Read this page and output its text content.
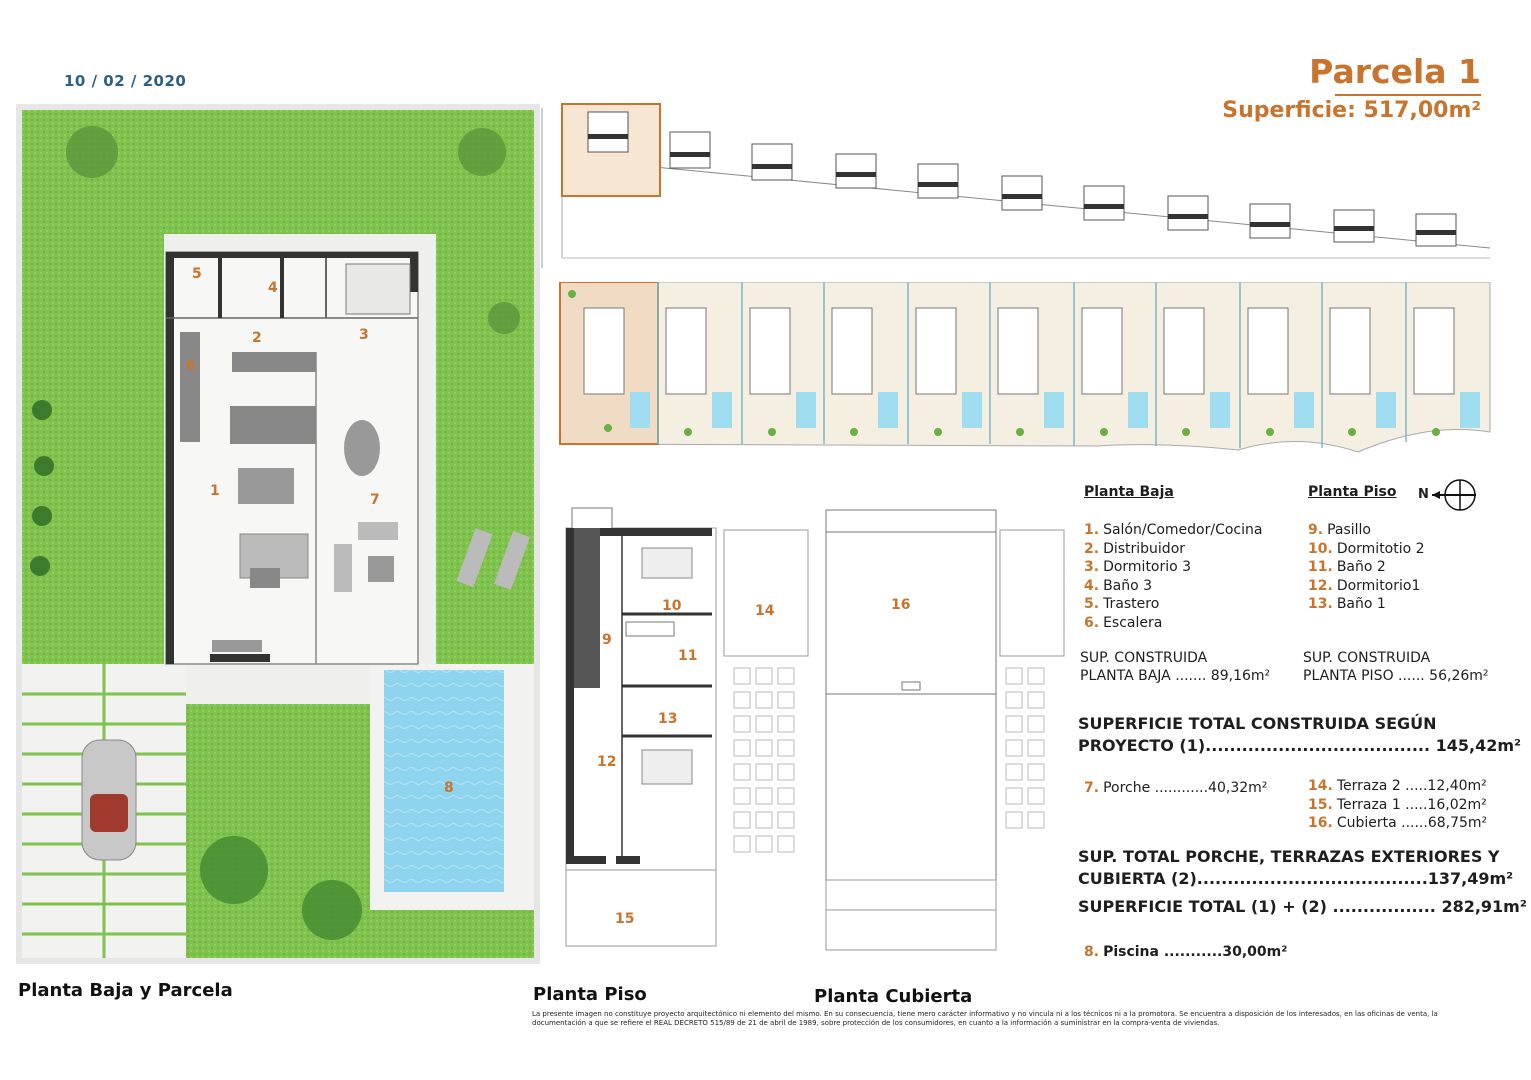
10 / 02 / 2020	Parcela 1
Superficie: 517,00m²
5
4
2	3
6
1
7
8
Planta Baja y Parcela
9
10
11
13
12
15
14	16
Planta Piso	Planta Cubierta
Planta Baja	Planta Piso N
1. Salón/Comedor/Cocina
2. Distribuidor
3. Dormitorio 3
4. Baño 3
5. Trastero
6. Escalera
9. Pasillo
10. Dormitotio 2
11. Baño 2
12. Dormitorio1
13. Baño 1
SUP. CONSTRUIDA
PLANTA BAJA ....... 89,16m²
SUP. CONSTRUIDA
PLANTA PISO ...... 56,26m²
SUPERFICIE TOTAL CONSTRUIDA SEGÚN
PROYECTO (1)..................................... 145,42m²
7. Porche ............40,32m²	14. Terraza 2 .....12,40m²
15. Terraza 1 .....16,02m²
16. Cubierta ......68,75m²
SUP. TOTAL PORCHE, TERRAZAS EXTERIORES Y
CUBIERTA (2)......................................137,49m²
SUPERFICIE TOTAL (1) + (2) ................. 282,91m²
8. Piscina ...........30,00m²
La presente imagen no constituye proyecto arquitectónico ni elemento del mismo. En su consecuencia, tiene mero carácter informativo y no vincula ni a los técnicos ni a la promotora. Se encuentra a disposición de los interesados, en las oficinas de venta, la documentación a que se refiere el REAL DECRETO 515/89 de 21 de abril de 1989, sobre protección de los consumidores, en cuanto a la información a suministrar en la compra-venta de viviendas.
